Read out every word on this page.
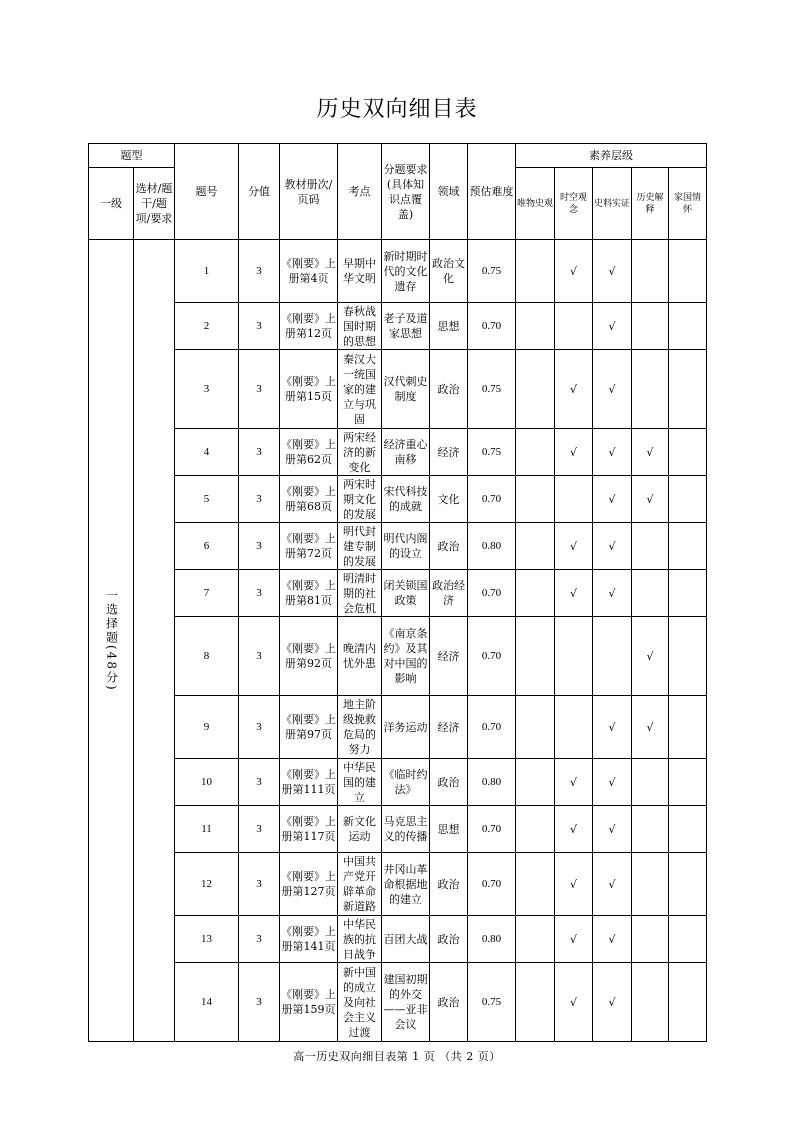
历史双向细目表
题型		题号	分值	教材册次/页码	考点	分题要求(具体知识点覆盖)	领域	预估难度	素养层级				
一级	选材/题干/题项/要求								唯物史观	时空观念	史料实证	历史解释	家国情怀
一选择题(48分)		1	3	《刚要》上册第4页	早期中华文明	新时期时代的文化遗存	政治文化	0.75		√	√		
		2	3	《刚要》上册第12页	春秋战国时期的思想	老子及道家思想	思想	0.70			√		
		3	3	《刚要》上册第15页	秦汉大一统国家的建立与巩固	汉代刺史制度	政治	0.75		√	√		
		4	3	《刚要》上册第62页	两宋经济的新变化	经济重心南移	经济	0.75		√	√	√	
		5	3	《刚要》上册第68页	两宋时期文化的发展	宋代科技的成就	文化	0.70			√	√	
		6	3	《刚要》上册第72页	明代封建专制的发展	明代内阁的设立	政治	0.80		√	√		
		7	3	《刚要》上册第81页	明清时期的社会危机	闭关锁国政策	政治经济	0.70		√	√		
		8	3	《刚要》上册第92页	晚清内忧外患	《南京条约》及其对中国的影响	经济	0.70				√	
		9	3	《刚要》上册第97页	地主阶级挽救危局的努力	洋务运动	经济	0.70			√	√	
		10	3	《刚要》上册第111页	中华民国的建立	《临时约法》	政治	0.80		√	√		
		11	3	《刚要》上册第117页	新文化运动	马克思主义的传播	思想	0.70		√	√		
		12	3	《刚要》上册第127页	中国共产党开辟革命新道路	井冈山革命根据地的建立	政治	0.70		√	√		
		13	3	《刚要》上册第141页	中华民族的抗日战争	百团大战	政治	0.80		√	√		
		14	3	《刚要》上册第159页	新中国的成立及向社会主义过渡	建国初期的外交——亚非会议	政治	0.75		√	√		
高一历史双向细目表第 1 页 （共 2 页）
